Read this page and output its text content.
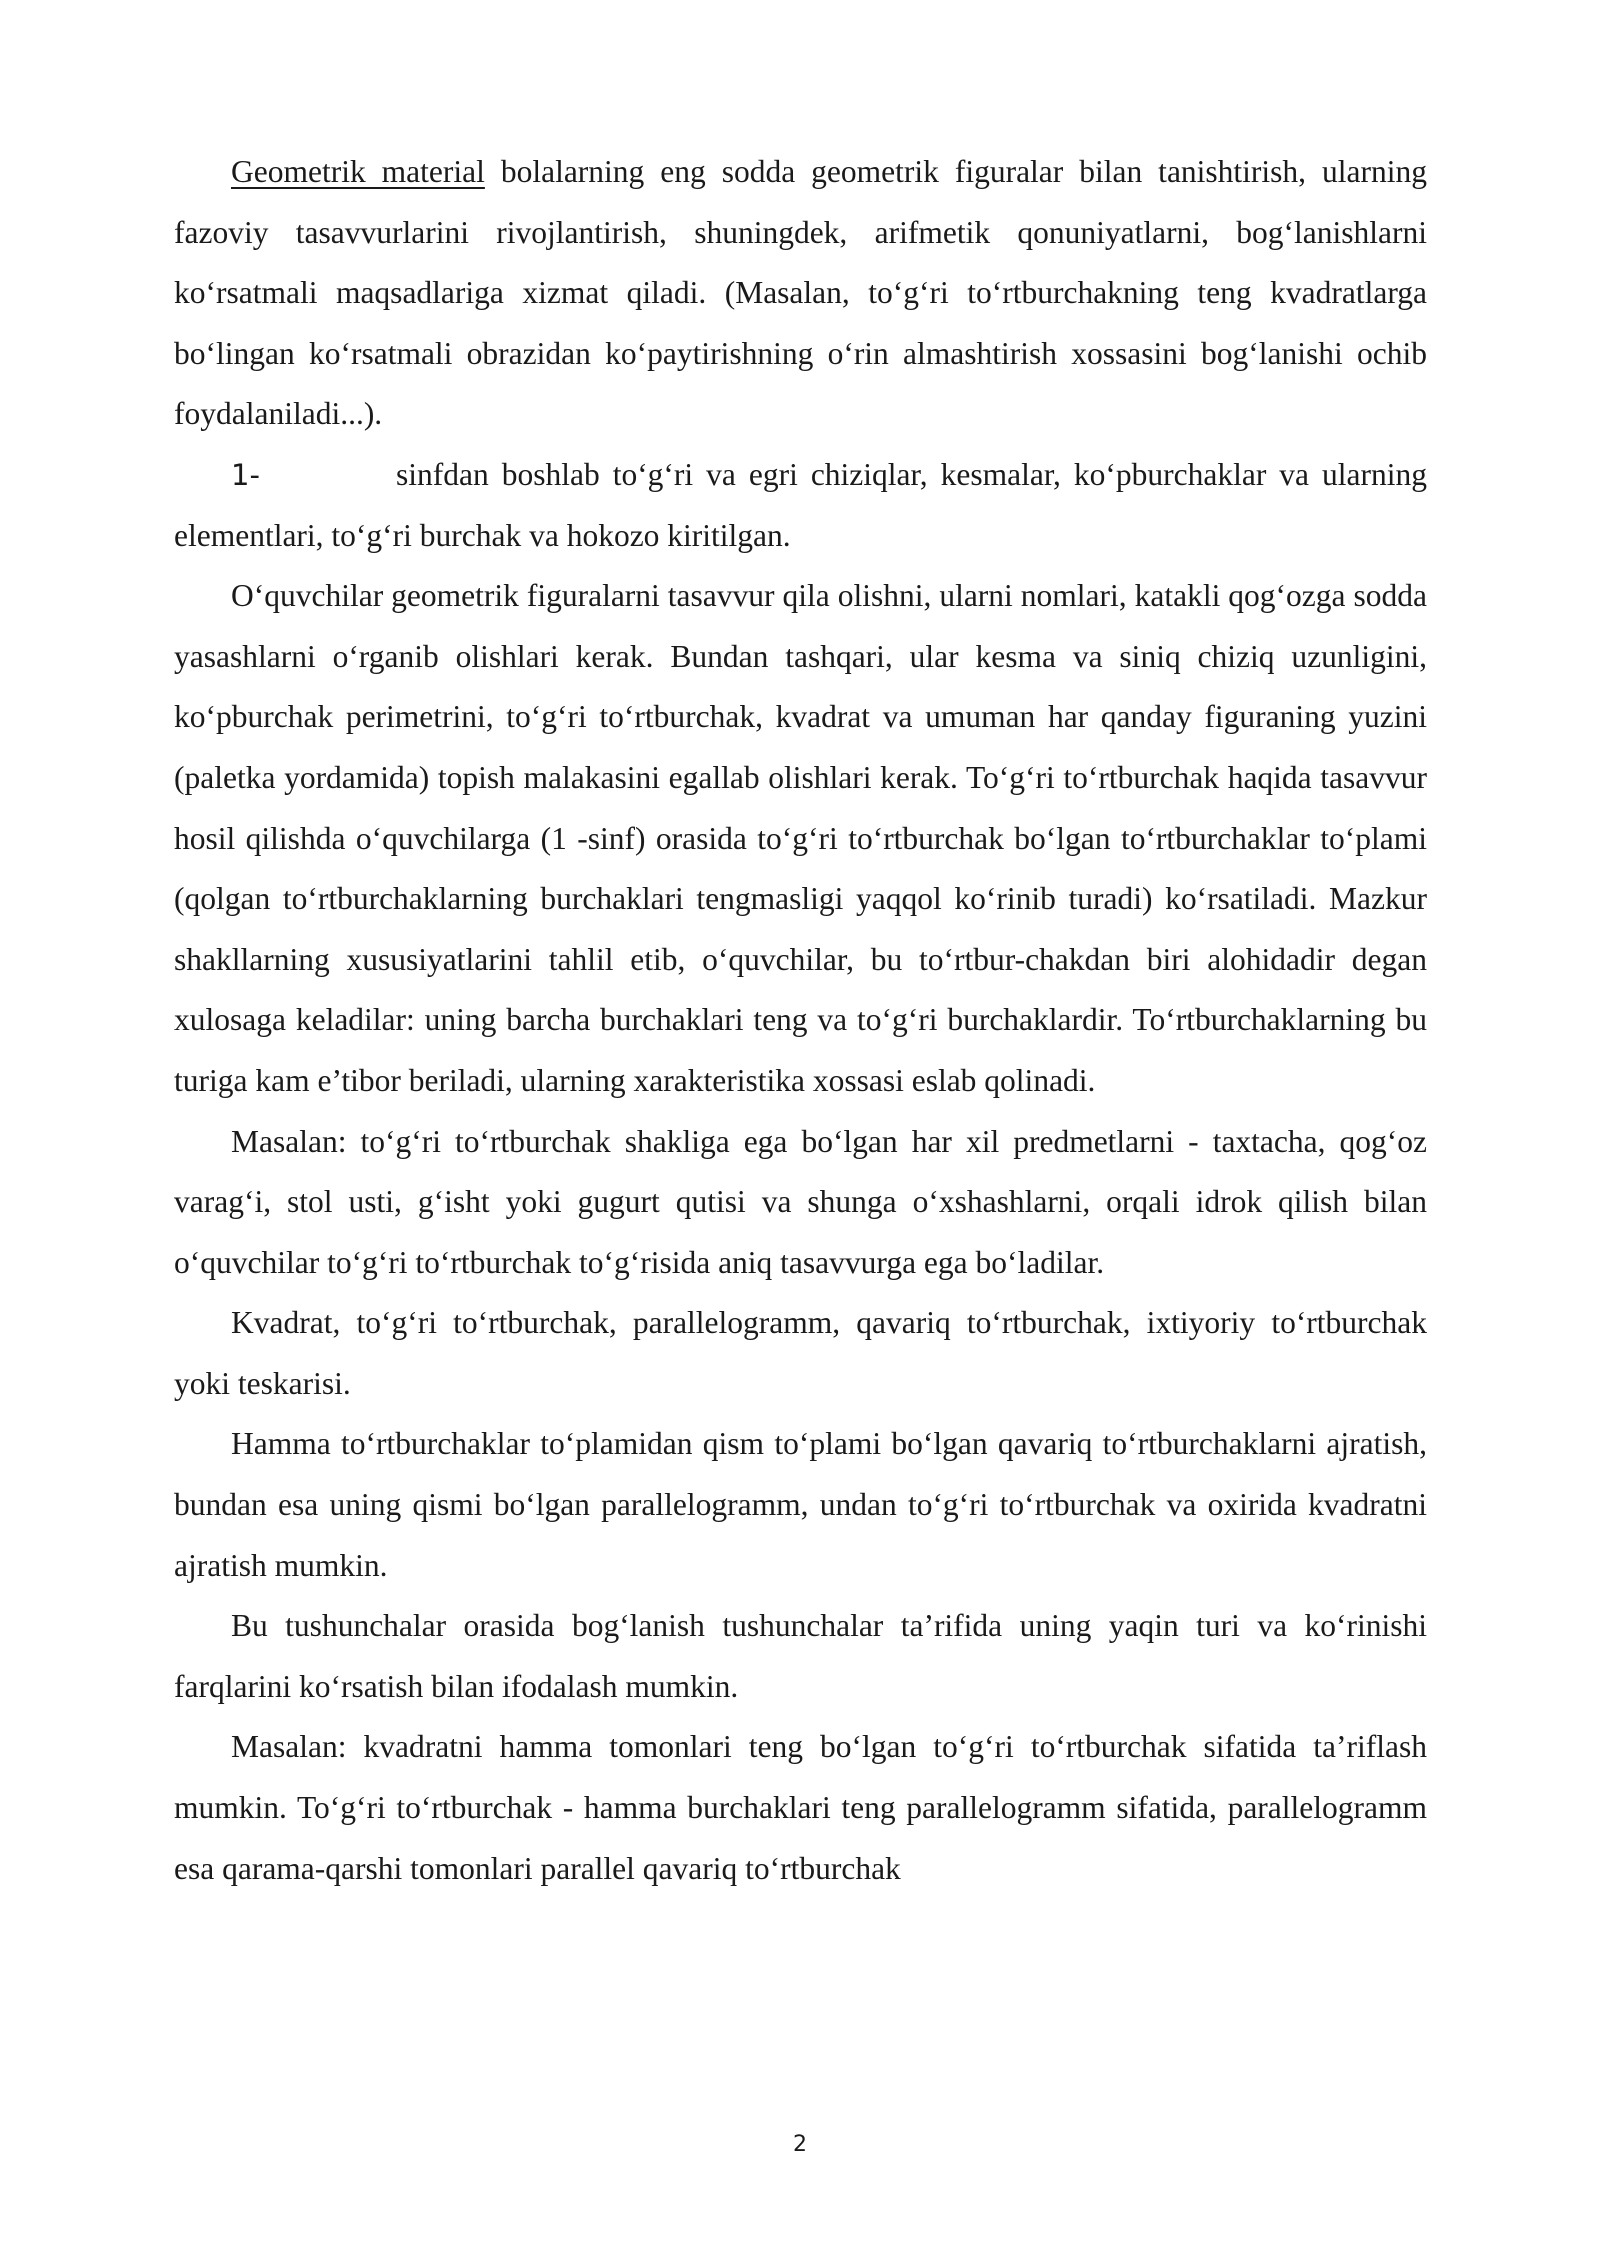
Geometrik material bolalarning eng sodda geometrik figuralar bilan tanishtirish, ularning fazoviy tasavvurlarini rivojlantirish, shuningdek, arifmetik qonuniyatlarni, bog‘lanishlarni ko‘rsatmali maqsadlariga xizmat qiladi. (Masalan, to‘g‘ri to‘rtburchakning teng kvadratlarga bo‘lingan ko‘rsatmali obrazidan ko‘paytirishning o‘rin almashtirish xossasini bog‘lanishi ochib foydalaniladi...).

1-	sinfdan boshlab to‘g‘ri va egri chiziqlar, kesmalar, ko‘pburchaklar va ularning elementlari, to‘g‘ri burchak va hokozo kiritilgan.

O‘quvchilar geometrik figuralarni tasavvur qila olishni, ularni nomlari, katakli qog‘ozga sodda yasashlarni o‘rganib olishlari kerak. Bundan tashqari, ular kesma va siniq chiziq uzunligini, ko‘pburchak perimetrini, to‘g‘ri to‘rtburchak, kvadrat va umuman har qanday figuraning yuzini (paletka yordamida) topish malakasini egallab olishlari kerak. To‘g‘ri to‘rtburchak haqida tasavvur hosil qilishda o‘quvchilarga (1 -sinf) orasida to‘g‘ri to‘rtburchak bo‘lgan to‘rtburchaklar to‘plami (qolgan to‘rtburchaklarning burchaklari tengmasligi yaqqol ko‘rinib turadi) ko‘rsatiladi. Mazkur shakllarning xususiyatlarini tahlil etib, o‘quvchilar, bu to‘rtbur-chakdan biri alohidadir degan xulosaga keladilar: uning barcha burchaklari teng va to‘g‘ri burchaklardir. To‘rtburchaklarning bu turiga kam e’tibor beriladi, ularning xarakteristika xossasi eslab qolinadi.

Masalan: to‘g‘ri to‘rtburchak shakliga ega bo‘lgan har xil predmetlarni - taxtacha, qog‘oz varag‘i, stol usti, g‘isht yoki gugurt qutisi va shunga o‘xshashlarni, orqali idrok qilish bilan o‘quvchilar to‘g‘ri to‘rtburchak to‘g‘risida aniq tasavvurga ega bo‘ladilar.

Kvadrat, to‘g‘ri to‘rtburchak, parallelogramm, qavariq to‘rtburchak, ixtiyoriy to‘rtburchak yoki teskarisi.

Hamma to‘rtburchaklar to‘plamidan qism to‘plami bo‘lgan qavariq to‘rtburchaklarni ajratish, bundan esa uning qismi bo‘lgan parallelogramm, undan to‘g‘ri to‘rtburchak va oxirida kvadratni ajratish mumkin.

Bu tushunchalar orasida bog‘lanish tushunchalar ta’rifida uning yaqin turi va ko‘rinishi farqlarini ko‘rsatish bilan ifodalash mumkin.

Masalan: kvadratni hamma tomonlari teng bo‘lgan to‘g‘ri to‘rtburchak sifatida ta’riflash mumkin. To‘g‘ri to‘rtburchak - hamma burchaklari teng parallelogramm sifatida, parallelogramm esa qarama-qarshi tomonlari parallel qavariq to‘rtburchak

2
